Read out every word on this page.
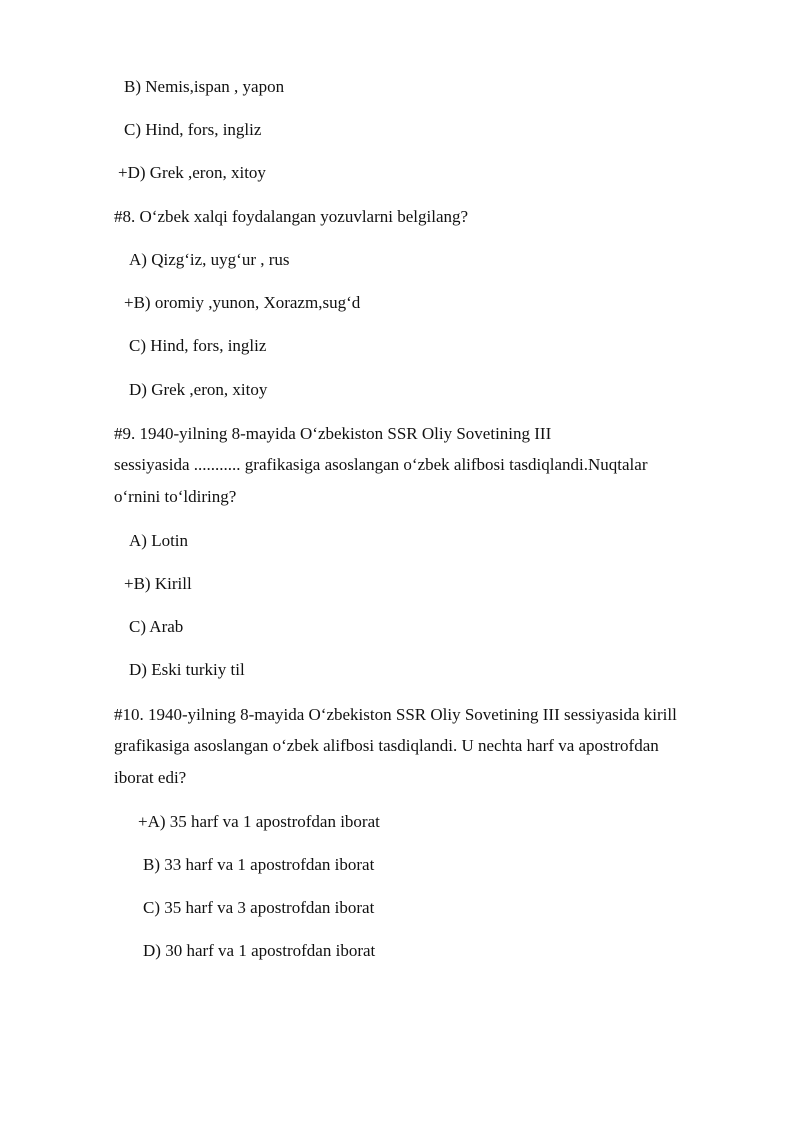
B) Nemis,ispan , yapon
C) Hind, fors, ingliz
+D) Grek ,eron, xitoy
#8. O‘zbek xalqi foydalangan yozuvlarni belgilang?
A) Qizg‘iz, uyg‘ur , rus
+B) oromiy ,yunon, Xorazm,sug‘d
C) Hind, fors, ingliz
D) Grek ,eron, xitoy
#9. 1940-yilning 8-mayida O‘zbekiston SSR Oliy Sovetining III
sessiyasida ........... grafikasiga asoslangan o‘zbek alifbosi tasdiqlandi.Nuqtalar
o‘rnini to‘ldiring?
A) Lotin
+B) Kirill
C) Arab
D) Eski turkiy til
#10. 1940-yilning 8-mayida O‘zbekiston SSR Oliy Sovetining III sessiyasida kirill
grafikasiga asoslangan o‘zbek alifbosi tasdiqlandi. U nechta harf va apostrofdan
iborat edi?
+A) 35 harf va 1 apostrofdan iborat
B) 33 harf va 1 apostrofdan iborat
C) 35 harf va 3 apostrofdan iborat
D) 30 harf va 1 apostrofdan iborat
